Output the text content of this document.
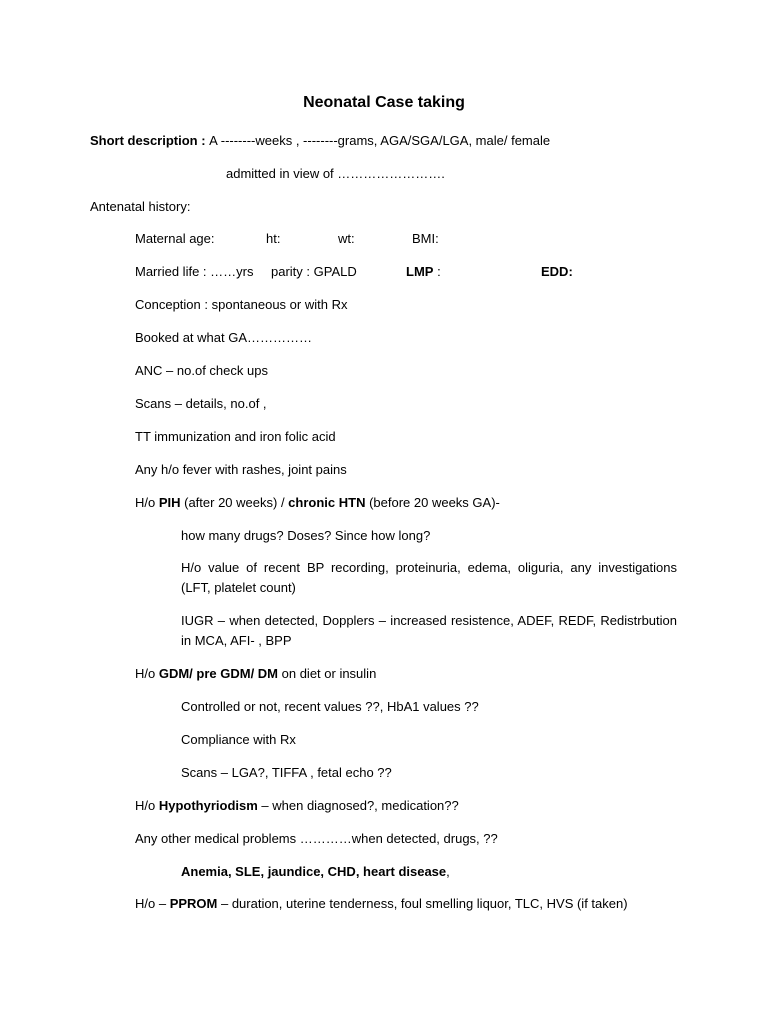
Neonatal Case taking
Short description : A --------weeks , --------grams, AGA/SGA/LGA, male/ female
admitted in view of …………………….
Antenatal history:
Maternal age:	ht:	wt:	BMI:
Married life : ……yrs parity : GPALD	LMP :	EDD:
Conception : spontaneous or with Rx
Booked at what GA……………
ANC – no.of check ups
Scans – details, no.of ,
TT immunization and iron folic acid
Any h/o fever with rashes, joint pains
H/o PIH (after 20 weeks) / chronic HTN (before 20 weeks GA)-
how many drugs? Doses? Since how long?
H/o value of recent BP recording, proteinuria, edema, oliguria, any investigations (LFT, platelet count)
IUGR – when detected, Dopplers – increased resistence, ADEF, REDF, Redistrbution in MCA, AFI- , BPP
H/o GDM/ pre GDM/ DM on diet or insulin
Controlled or not, recent values ??, HbA1 values ??
Compliance with Rx
Scans – LGA?, TIFFA , fetal echo ??
H/o Hypothyriodism – when diagnosed?, medication??
Any other medical problems …………when detected, drugs, ??
Anemia, SLE, jaundice, CHD, heart disease,
H/o – PPROM – duration, uterine tenderness, foul smelling liquor, TLC, HVS (if taken)
